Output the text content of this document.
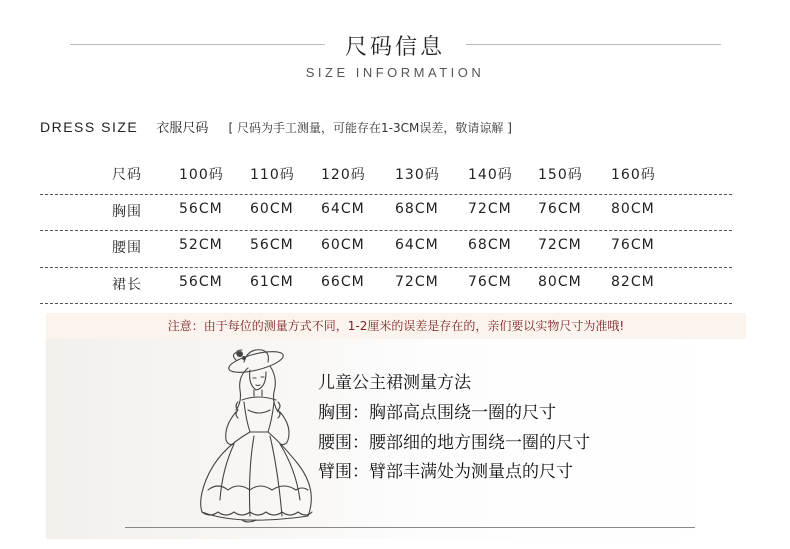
尺码信息
SIZE INFORMATION
DRESS SIZE 衣服尺码 [ 尺码为手工测量，可能存在1-3CM误差，敬请谅解 ]
尺码	100码 110码 120码 130码 140码 150码 160码
胸围	56CM 60CM 64CM 68CM 72CM 76CM 80CM
腰围	52CM 56CM 60CM 64CM 68CM 72CM 76CM
裙长	56CM 61CM 66CM 72CM 76CM 80CM 82CM
注意：由于每位的测量方式不同，1-2厘米的误差是存在的，亲们要以实物尺寸为准哦!
儿童公主裙测量方法
胸围：胸部高点围绕一圈的尺寸
腰围：腰部细的地方围绕一圈的尺寸
臂围：臂部丰满处为测量点的尺寸
